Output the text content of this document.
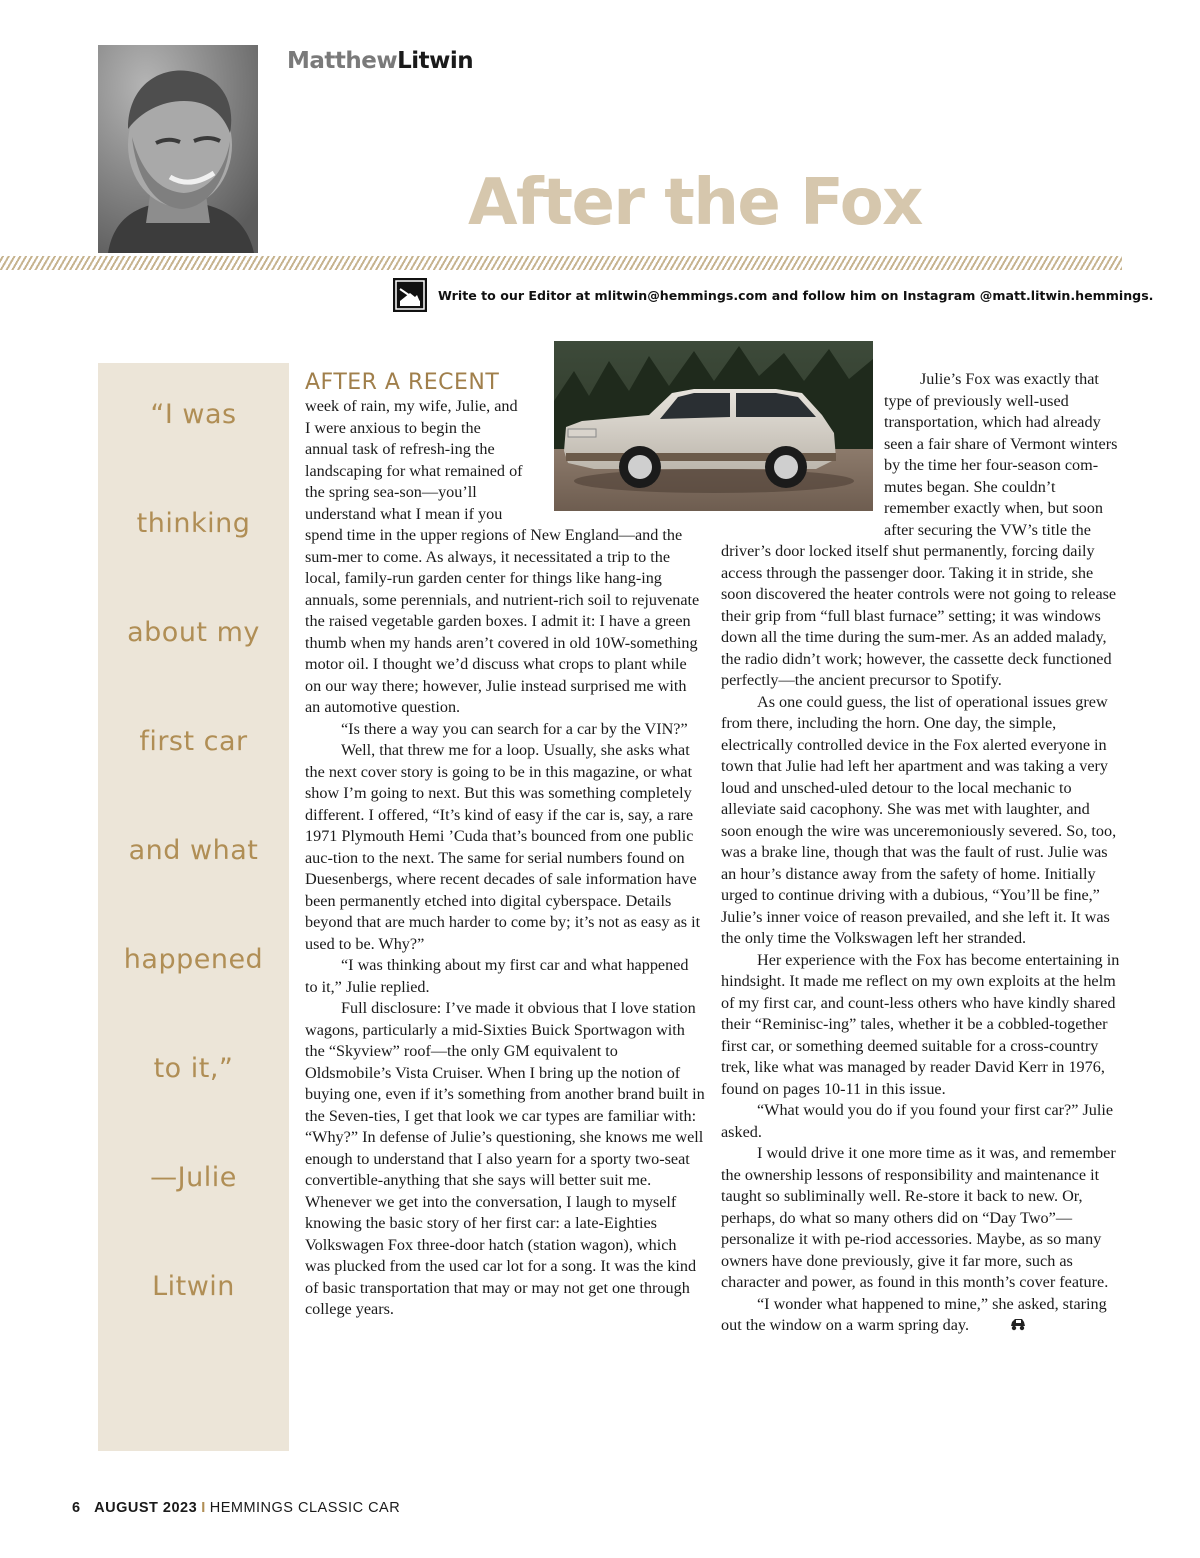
MatthewLitwin
After the Fox
Write to our Editor at mlitwin@hemmings.com and follow him on Instagram @matt.litwin.hemmings.
“I was
thinking
about my
first car
and what
happened
to it,”
—Julie
Litwin
AFTER A RECENT

week of rain, my wife, Julie, and I were anxious to begin the annual task of refresh-ing the landscaping for what remained of the spring sea-son—you’ll understand what I mean if you spend time in the upper regions of New England—and the sum-mer to come. As always, it necessitated a trip to the local, family-run garden center for things like hang-ing annuals, some perennials, and nutrient-rich soil to rejuvenate the raised vegetable garden boxes. I admit it: I have a green thumb when my hands aren’t covered in old 10W-something motor oil. I thought we’d discuss what crops to plant while on our way there; however, Julie instead surprised me with an automotive question.

“Is there a way you can search for a car by the VIN?”

Well, that threw me for a loop. Usually, she asks what the next cover story is going to be in this magazine, or what show I’m going to next. But this was something completely different. I offered, “It’s kind of easy if the car is, say, a rare 1971 Plymouth Hemi ’Cuda that’s bounced from one public auc-tion to the next. The same for serial numbers found on Duesenbergs, where recent decades of sale information have been permanently etched into digital cyberspace. Details beyond that are much harder to come by; it’s not as easy as it used to be. Why?”

“I was thinking about my first car and what happened to it,” Julie replied.

Full disclosure: I’ve made it obvious that I love station wagons, particularly a mid-Sixties Buick Sportwagon with the “Skyview” roof—the only GM equivalent to Oldsmobile’s Vista Cruiser. When I bring up the notion of buying one, even if it’s something from another brand built in the Seven-ties, I get that look we car types are familiar with: “Why?” In defense of Julie’s questioning, she knows me well enough to understand that I also yearn for a sporty two-seat convertible-anything that she says will better suit me. Whenever we get into the conversation, I laugh to myself knowing the basic story of her first car: a late-Eighties Volkswagen Fox three-door hatch (station wagon), which was plucked from the used car lot for a song. It was the kind of basic transportation that may or may not get one through college years.

Julie’s Fox was exactly that type of previously well-used transportation, which had already seen a fair share of Vermont winters by the time her four-season com-mutes began. She couldn’t remember exactly when, but soon after securing the VW’s title the driver’s door locked itself shut permanently, forcing daily access through the passenger door. Taking it in stride, she soon discovered the heater controls were not going to release their grip from “full blast furnace” setting; it was windows down all the time during the sum-mer. As an added malady, the radio didn’t work; however, the cassette deck functioned perfectly—the ancient precursor to Spotify.

As one could guess, the list of operational issues grew from there, including the horn. One day, the simple, electrically controlled device in the Fox alerted everyone in town that Julie had left her apartment and was taking a very loud and unsched-uled detour to the local mechanic to alleviate said cacophony. She was met with laughter, and soon enough the wire was unceremoniously severed. So, too, was a brake line, though that was the fault of rust. Julie was an hour’s distance away from the safety of home. Initially urged to continue driving with a dubious, “You’ll be fine,” Julie’s inner voice of reason prevailed, and she left it. It was the only time the Volkswagen left her stranded.

Her experience with the Fox has become entertaining in hindsight. It made me reflect on my own exploits at the helm of my first car, and count-less others who have kindly shared their “Reminisc-ing” tales, whether it be a cobbled-together first car, or something deemed suitable for a cross-country trek, like what was managed by reader David Kerr in 1976, found on pages 10-11 in this issue.

“What would you do if you found your first car?” Julie asked.

I would drive it one more time as it was, and remember the ownership lessons of responsibility and maintenance it taught so subliminally well. Re-store it back to new. Or, perhaps, do what so many others did on “Day Two”—personalize it with pe-riod accessories. Maybe, as so many owners have done previously, give it far more, such as character and power, as found in this month’s cover feature.

“I wonder what happened to mine,” she asked, staring out the window on a warm spring day.

6 AUGUST 2023 I HEMMINGS CLASSIC CAR
